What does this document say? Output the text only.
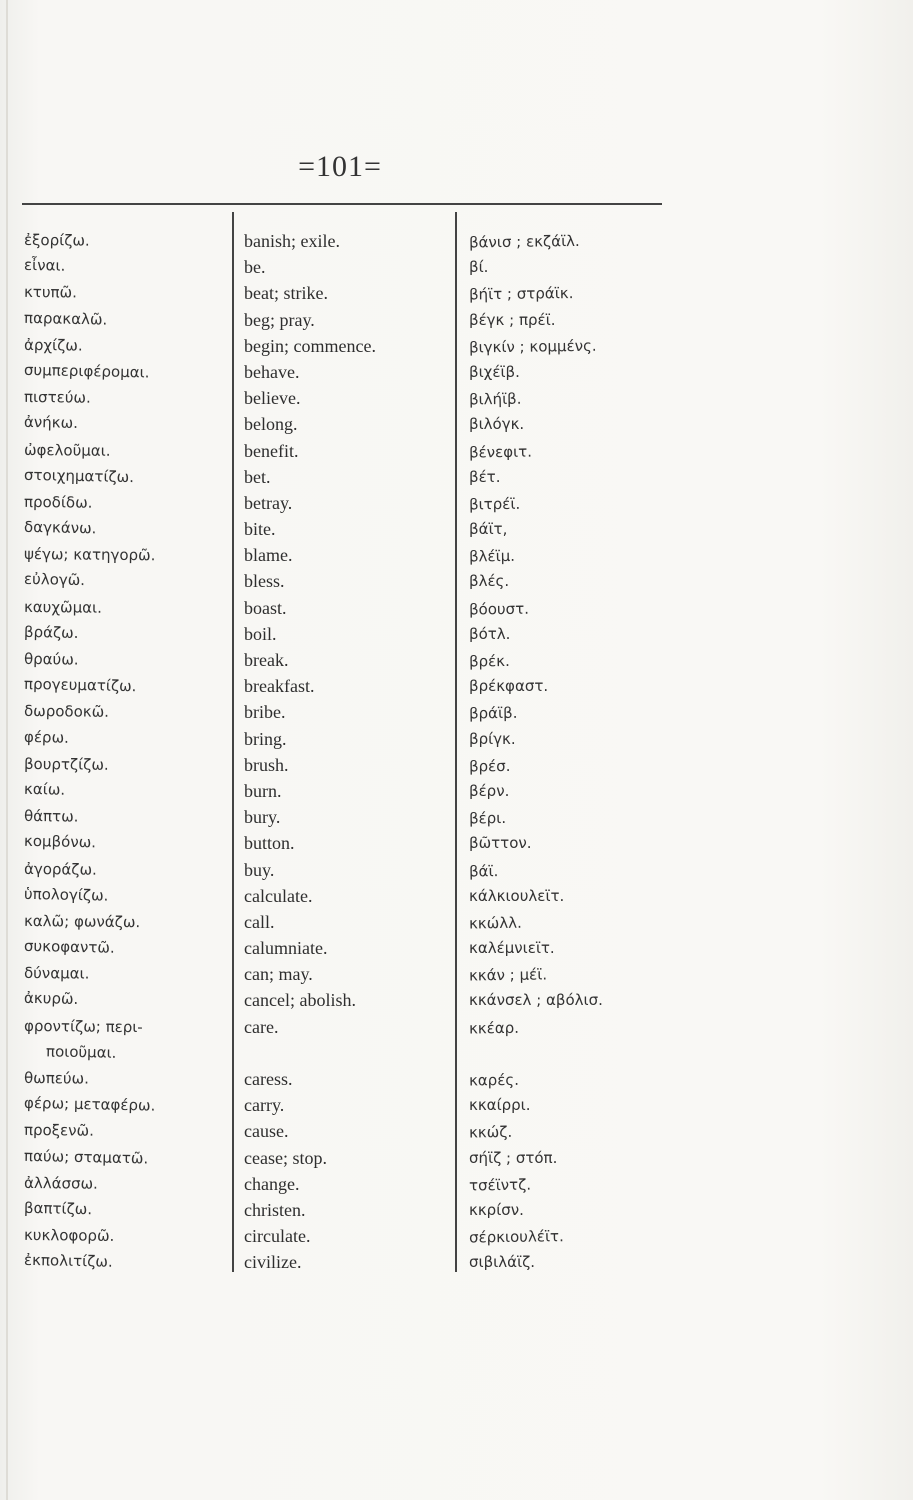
=101=
ἐξορίζω.
εἶναι.
κτυπῶ.
παρακαλῶ.
ἀρχίζω.
συμπεριφέρομαι.
πιστεύω.
ἀνήκω.
ὠφελοῦμαι.
στοιχηματίζω.
προδίδω.
δαγκάνω.
ψέγω; κατηγορῶ.
εὐλογῶ.
καυχῶμαι.
βράζω.
θραύω.
προγευματίζω.
δωροδοκῶ.
φέρω.
βουρτζίζω.
καίω.
θάπτω.
κομβόνω.
ἀγοράζω.
ὑπολογίζω.
καλῶ; φωνάζω.
συκοφαντῶ.
δύναμαι.
ἀκυρῶ.
φροντίζω; περι-
ποιοῦμαι.
θωπεύω.
φέρω; μεταφέρω.
προξενῶ.
παύω; σταματῶ.
ἀλλάσσω.
βαπτίζω.
κυκλοφορῶ.
ἐκπολιτίζω.
banish; exile.
be.
beat; strike.
beg; pray.
begin; commence.
behave.
believe.
belong.
benefit.
bet.
betray.
bite.
blame.
bless.
boast.
boil.
break.
breakfast.
bribe.
bring.
brush.
burn.
bury.
button.
buy.
calculate.
call.
calumniate.
can; may.
cancel; abolish.
care.
caress.
carry.
cause.
cease; stop.
change.
christen.
circulate.
civilize.
βάνισ ; εκζάϊλ.
βί.
βήϊτ ; στράϊκ.
βέγκ ; πρέϊ.
βιγκίν ; κομμένς.
βιχέϊβ.
βιλήϊβ.
βιλόγκ.
βένεφιτ.
βέτ.
βιτρέϊ.
βάϊτ,
βλέϊμ.
βλές.
βόουστ.
βότλ.
βρέκ.
βρέκφαστ.
βράϊβ.
βρίγκ.
βρέσ.
βέρν.
βέρι.
βῶττον.
βάϊ.
κάλκιουλεϊτ.
κκώλλ.
καλέμνιεϊτ.
κκάν ; μέϊ.
κκάνσελ ; αβόλισ.
κκέαρ.
καρές.
κκαίρρι.
κκώζ.
σήϊζ ; στόπ.
τσέϊντζ.
κκρίσν.
σέρκιουλέϊτ.
σιβιλάϊζ.
